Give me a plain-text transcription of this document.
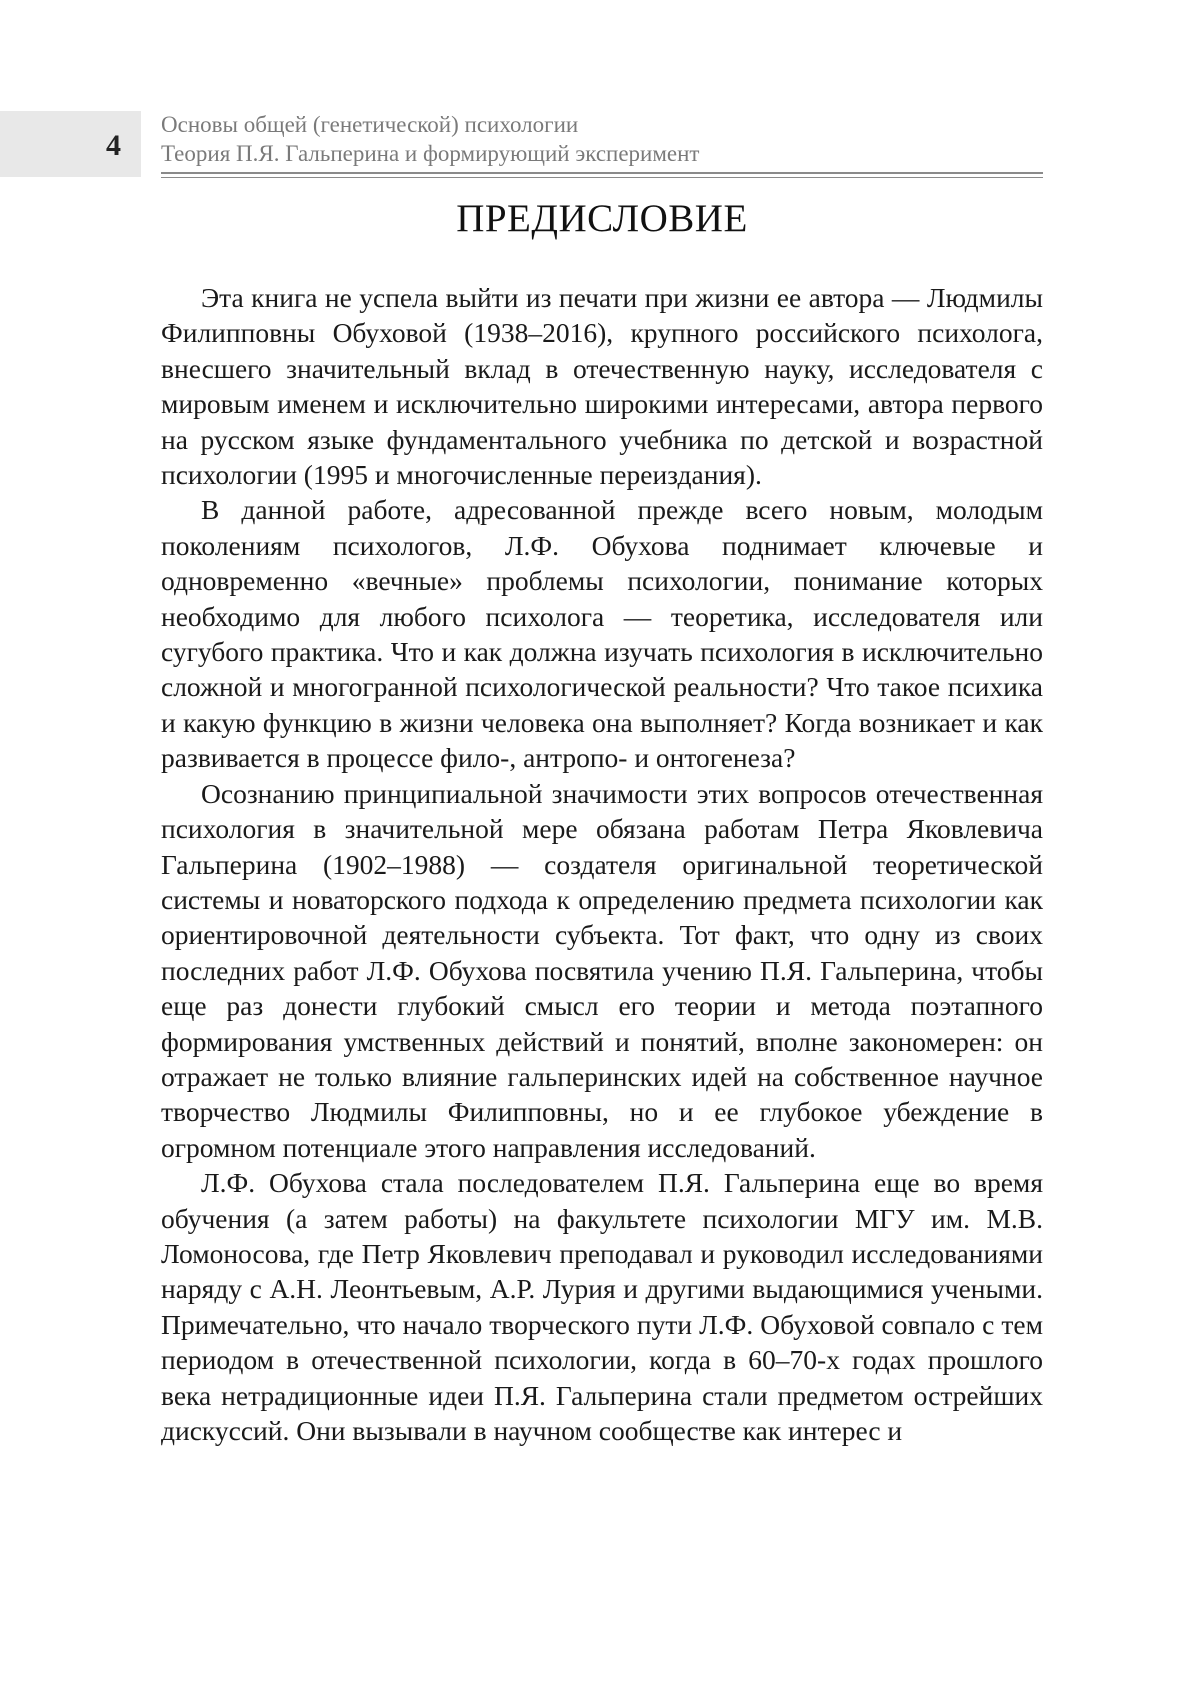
4
Основы общей (генетической) психологии
Теория П.Я. Гальперина и формирующий эксперимент
ПРЕДИСЛОВИЕ

Эта книга не успела выйти из печати при жизни ее автора — Людмилы Филипповны Обуховой (1938–2016), крупного российского психолога, внесшего значительный вклад в отечественную науку, исследователя с мировым именем и исключительно широкими интересами, автора первого на русском языке фундаментального учебника по детской и возрастной психологии (1995 и многочисленные переиздания).

В данной работе, адресованной прежде всего новым, молодым поколениям психологов, Л.Ф. Обухова поднимает ключевые и одновременно «вечные» проблемы психологии, понимание которых необходимо для любого психолога — теоретика, исследователя или сугубого практика. Что и как должна изучать психология в исключительно сложной и многогранной психологической реальности? Что такое психика и какую функцию в жизни человека она выполняет? Когда возникает и как развивается в процессе фило-, антропо- и онтогенеза?

Осознанию принципиальной значимости этих вопросов отечественная психология в значительной мере обязана работам Петра Яковлевича Гальперина (1902–1988) — создателя оригинальной теоретической системы и новаторского подхода к определению предмета психологии как ориентировочной деятельности субъекта. Тот факт, что одну из своих последних работ Л.Ф. Обухова посвятила учению П.Я. Гальперина, чтобы еще раз донести глубокий смысл его теории и метода поэтапного формирования умственных действий и понятий, вполне закономерен: он отражает не только влияние гальперинских идей на собственное научное творчество Людмилы Филипповны, но и ее глубокое убеждение в огромном потенциале этого направления исследований.

Л.Ф. Обухова стала последователем П.Я. Гальперина еще во время обучения (а затем работы) на факультете психологии МГУ им. М.В. Ломоносова, где Петр Яковлевич преподавал и руководил исследованиями наряду с А.Н. Леонтьевым, А.Р. Лурия и другими выдающимися учеными. Примечательно, что начало творческого пути Л.Ф. Обуховой совпало с тем периодом в отечественной психологии, когда в 60–70-х годах прошлого века нетрадиционные идеи П.Я. Гальперина стали предметом острейших дискуссий. Они вызывали в научном сообществе как интерес и
